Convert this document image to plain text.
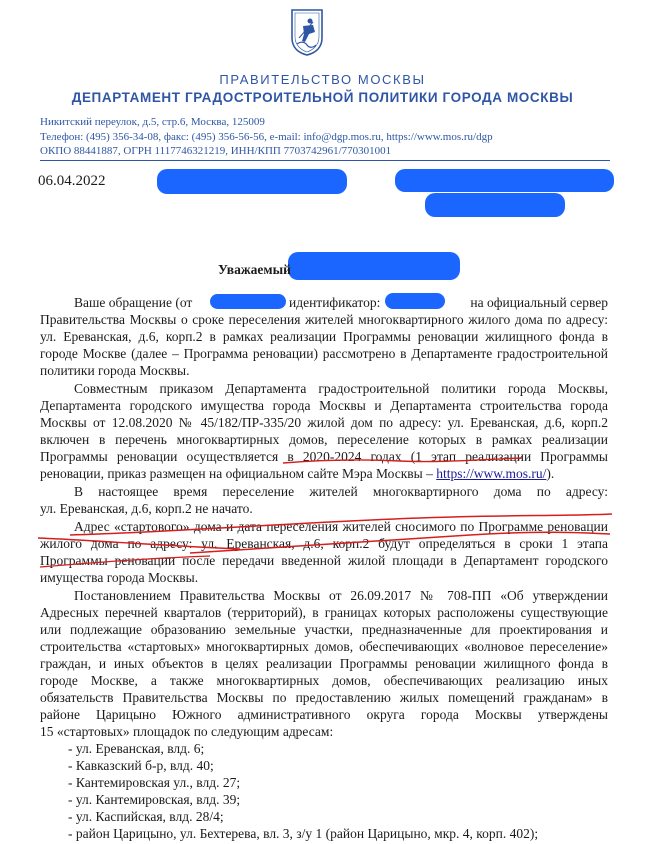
ПРАВИТЕЛЬСТВО МОСКВЫ
ДЕПАРТАМЕНТ ГРАДОСТРОИТЕЛЬНОЙ ПОЛИТИКИ ГОРОДА МОСКВЫ
Никитский переулок, д.5, стр.6, Москва, 125009
Телефон: (495) 356-34-08, факс: (495) 356-56-56, e-mail: info@dgp.mos.ru, https://www.mos.ru/dgp
ОКПО 88441887, ОГРН 1117746321219, ИНН/КПП 7703742961/770301001
06.04.2022
Уважаемый
Ваше обращение (от	идентификатор:	на официальный сервер
Правительства Москвы о сроке переселения жителей многоквартирного жилого дома по адресу:
ул. Ереванская, д.6, корп.2 в рамках реализации Программы реновации жилищного фонда в
городе Москве (далее – Программа реновации) рассмотрено в Департаменте градостроительной
политики города Москвы.
Совместным приказом Департамента градостроительной политики города Москвы,
Департамента городского имущества города Москвы и Департамента строительства города
Москвы от 12.08.2020 № 45/182/ПР-335/20 жилой дом по адресу: ул. Ереванская, д.6, корп.2
включен в перечень многоквартирных домов, переселение которых в рамках реализации
Программы реновации осуществляется в 2020-2024 годах (1 этап реализации Программы
реновации, приказ размещен на официальном сайте Мэра Москвы – https://www.mos.ru/).
В настоящее время переселение жителей многоквартирного дома по адресу:
ул. Ереванская, д.6, корп.2 не начато.
Адрес «стартового» дома и дата переселения жителей сносимого по Программе реновации
жилого дома по адресу: ул. Ереванская, д.6, корп.2 будут определяться в сроки 1 этапа
Программы реновации после передачи введенной жилой площади в Департамент городского
имущества города Москвы.
Постановлением Правительства Москвы от 26.09.2017 № 708-ПП «Об утверждении
Адресных перечней кварталов (территорий), в границах которых расположены существующие
или подлежащие образованию земельные участки, предназначенные для проектирования и
строительства «стартовых» многоквартирных домов, обеспечивающих «волновое переселение»
граждан, и иных объектов в целях реализации Программы реновации жилищного фонда в
городе Москве, а также многоквартирных домов, обеспечивающих реализацию иных
обязательств Правительства Москвы по предоставлению жилых помещений гражданам» в
районе Царицыно Южного административного округа города Москвы утверждены
15 «стартовых» площадок по следующим адресам:
- ул. Ереванская, влд. 6;
- Кавказский б-р, влд. 40;
- Кантемировская ул., влд. 27;
- ул. Кантемировская, влд. 39;
- ул. Каспийская, влд. 28/4;
- район Царицыно, ул. Бехтерева, вл. 3, з/у 1 (район Царицыно, мкр. 4, корп. 402);
